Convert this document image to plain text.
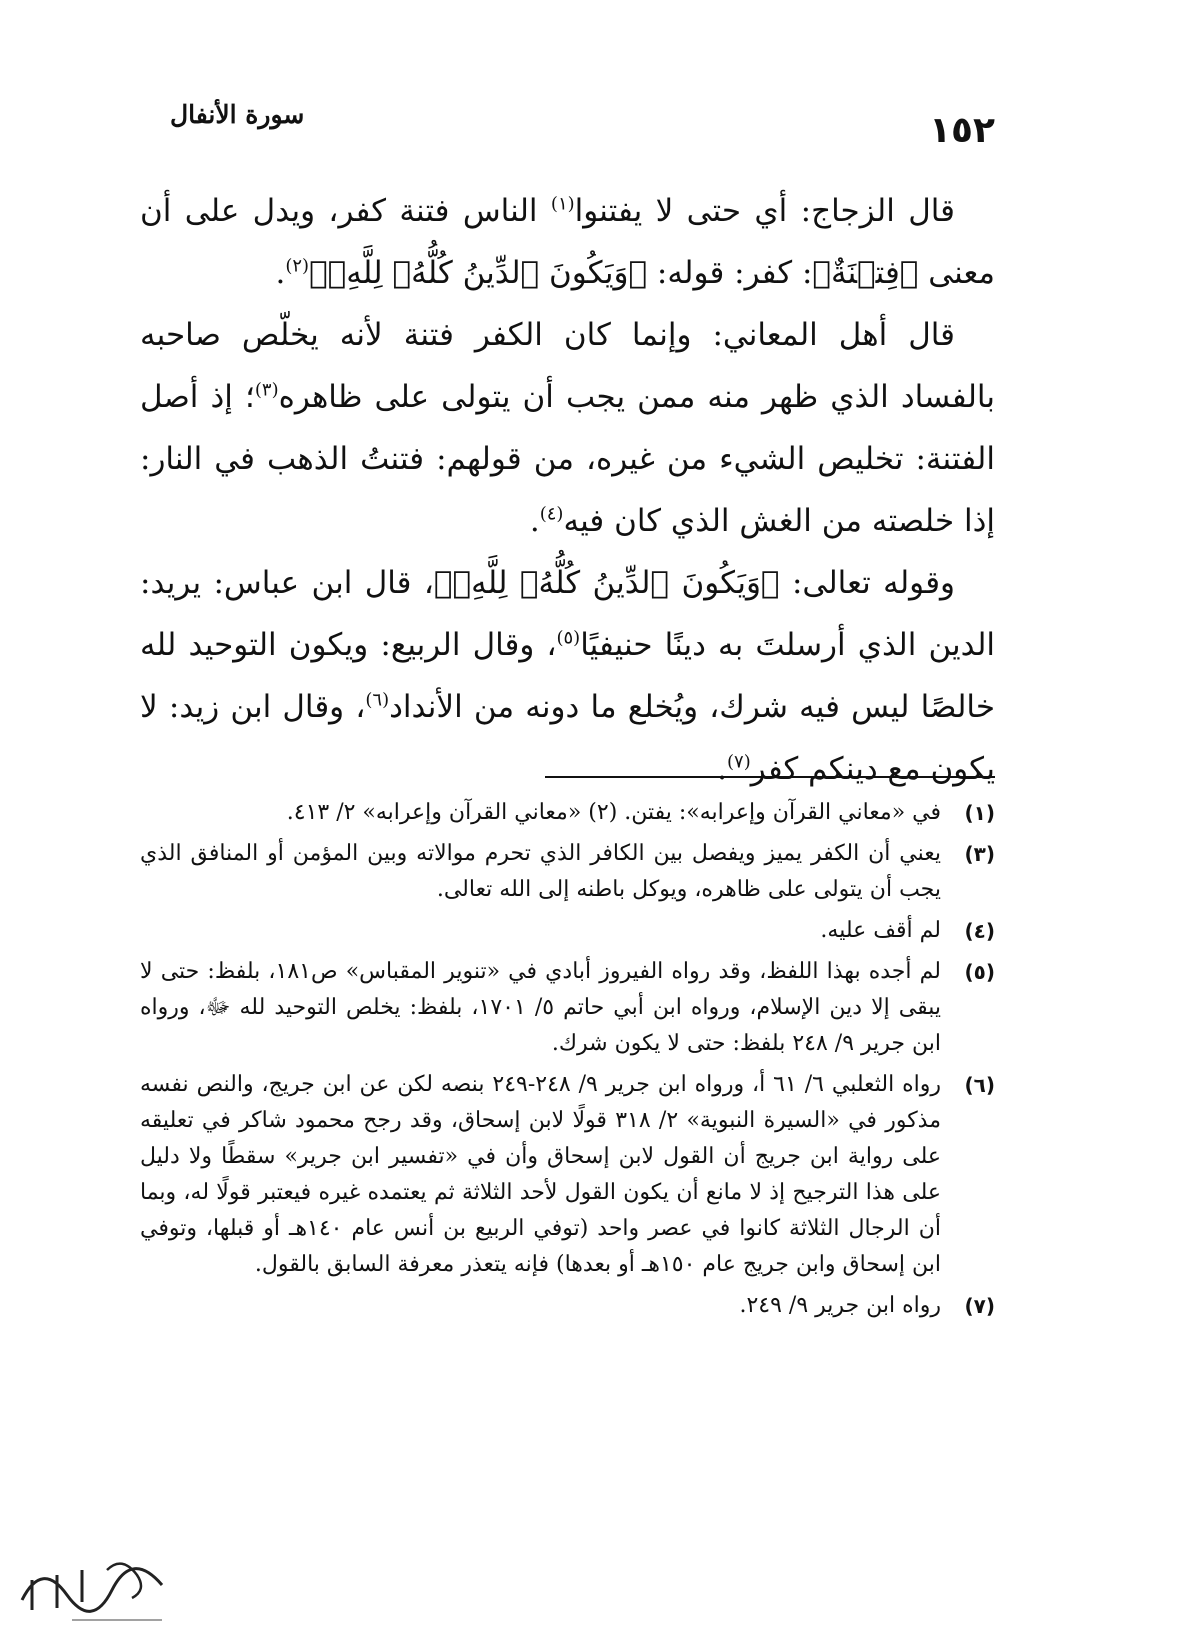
١٥٢
سورة الأنفال

قال الزجاج: أي حتى لا يفتنوا$^{(١)}$ الناس فتنة كفر، ويدل على أن معنى ﴿فِتۡنَةٌ﴾: كفر: قوله: ﴿وَيَكُونَ ٱلدِّينُ كُلُّهُۥ لِلَّهِۚ﴾$^{(٢)}$.

قال أهل المعاني: وإنما كان الكفر فتنة لأنه يخلّص صاحبه بالفساد الذي ظهر منه ممن يجب أن يتولى على ظاهره$^{(٣)}$؛ إذ أصل الفتنة: تخليص الشيء من غيره، من قولهم: فتنتُ الذهب في النار: إذا خلصته من الغش الذي كان فيه$^{(٤)}$.

وقوله تعالى: ﴿وَيَكُونَ ٱلدِّينُ كُلُّهُۥ لِلَّهِۚ﴾، قال ابن عباس: يريد: الدين الذي أرسلتَ به دينًا حنيفيًا$^{(٥)}$، وقال الربيع: ويكون التوحيد لله خالصًا ليس فيه شرك، ويُخلع ما دونه من الأنداد$^{(٦)}$، وقال ابن زيد: لا يكون مع دينكم كفر$^{(٧)}$.

(١)
في «معاني القرآن وإعرابه»: يفتن. (٢) «معاني القرآن وإعرابه» ٢/ ٤١٣.
(٣)
يعني أن الكفر يميز ويفصل بين الكافر الذي تحرم موالاته وبين المؤمن أو المنافق الذي يجب أن يتولى على ظاهره، ويوكل باطنه إلى الله تعالى.
(٤)
لم أقف عليه.
(٥)
لم أجده بهذا اللفظ، وقد رواه الفيروز أبادي في «تنوير المقباس» ص١٨١، بلفظ: حتى لا يبقى إلا دين الإسلام، ورواه ابن أبي حاتم ٥/ ١٧٠١، بلفظ: يخلص التوحيد لله ﷻ، ورواه ابن جرير ٩/ ٢٤٨ بلفظ: حتى لا يكون شرك.
(٦)
رواه الثعلبي ٦/ ٦١ أ، ورواه ابن جرير ٩/ ٢٤٨-٢٤٩ بنصه لكن عن ابن جريج، والنص نفسه مذكور في «السيرة النبوية» ٢/ ٣١٨ قولًا لابن إسحاق، وقد رجح محمود شاكر في تعليقه على رواية ابن جريج أن القول لابن إسحاق وأن في «تفسير ابن جرير» سقطًا ولا دليل على هذا الترجيح إذ لا مانع أن يكون القول لأحد الثلاثة ثم يعتمده غيره فيعتبر قولًا له، وبما أن الرجال الثلاثة كانوا في عصر واحد (توفي الربيع بن أنس عام ١٤٠هـ أو قبلها، وتوفي ابن إسحاق وابن جريج عام ١٥٠هـ أو بعدها) فإنه يتعذر معرفة السابق بالقول.
(٧)
رواه ابن جرير ٩/ ٢٤٩.
